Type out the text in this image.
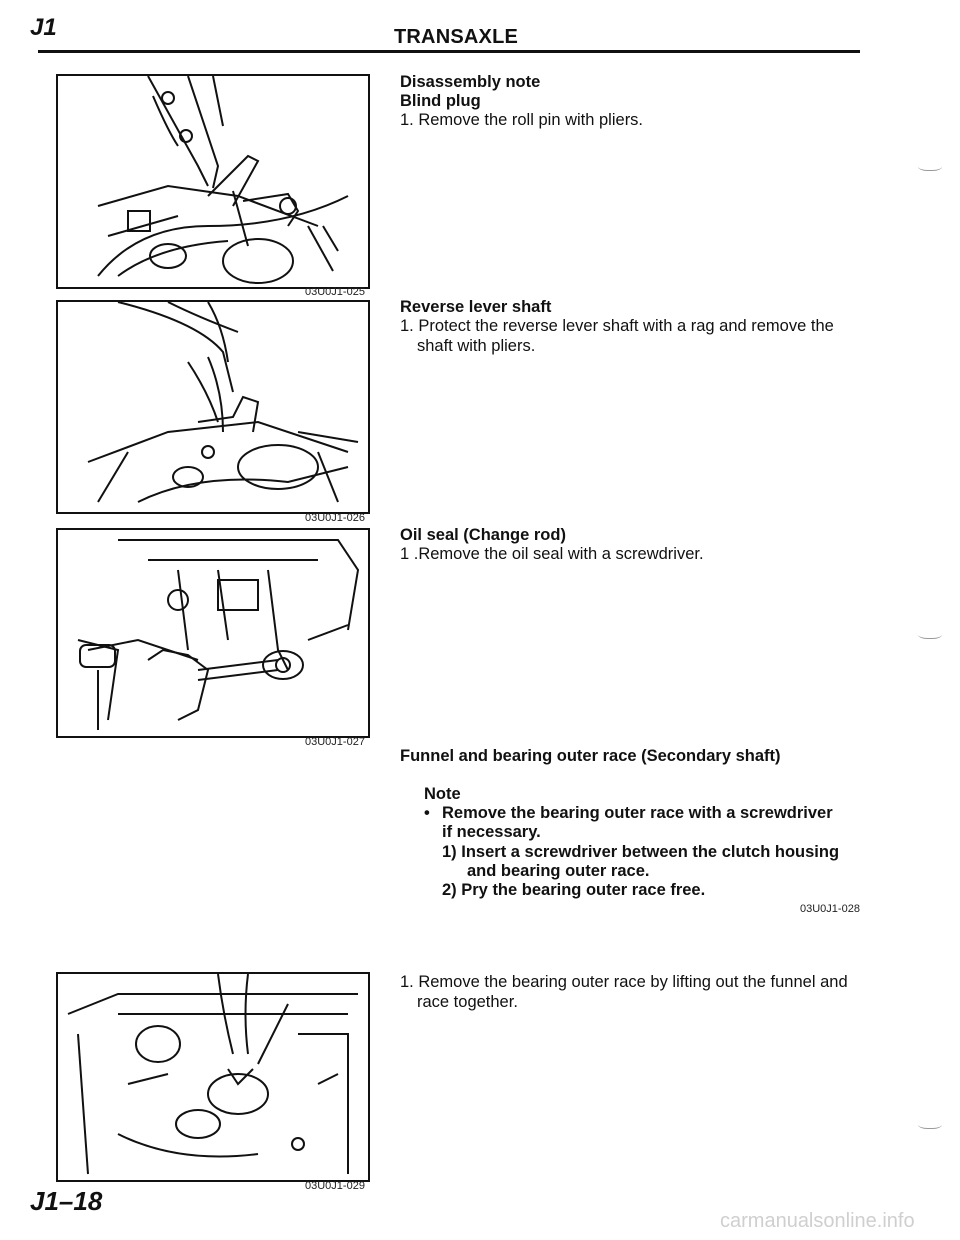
J1	TRANSAXLE
03U0J1-025
03U0J1-026
03U0J1-027
03U0J1-029
Disassembly note
Blind plug
1. Remove the roll pin with pliers.
Reverse lever shaft
1. Protect the reverse lever shaft with a rag and remove the
shaft with pliers.
Oil seal (Change rod)
1 .Remove the oil seal with a screwdriver.
Funnel and bearing outer race (Secondary shaft)
Note
• Remove the bearing outer race with a screwdriver
if necessary.
1) Insert a screwdriver between the clutch housing
and bearing outer race.
2) Pry the bearing outer race free.
03U0J1-028
1. Remove the bearing outer race by lifting out the funnel and
race together.
J1–18
carmanualsonline.info
